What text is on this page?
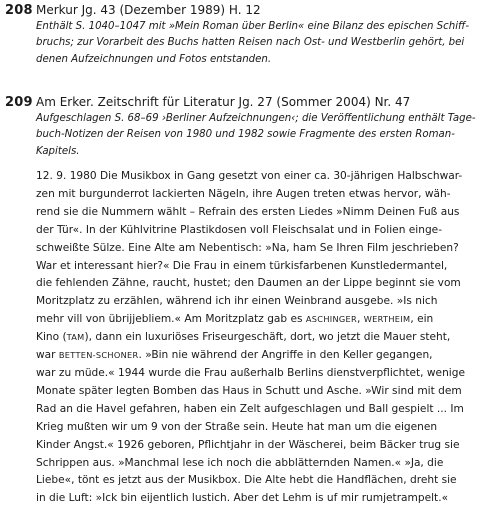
208 Merkur Jg. 43 (Dezember 1989) H. 12
Enthält S. 1040–1047 mit »Mein Roman über Berlin« eine Bilanz des epischen Schiff-
bruchs; zur Vorarbeit des Buchs hatten Reisen nach Ost- und Westberlin gehört, bei
denen Aufzeichnungen und Fotos entstanden.
209 Am Erker. Zeitschrift für Literatur Jg. 27 (Sommer 2004) Nr. 47
Aufgeschlagen S. 68–69 ›Berliner Aufzeichnungen‹; die Veröffentlichung enthält Tage-
buch-Notizen der Reisen von 1980 und 1982 sowie Fragmente des ersten Roman-
Kapitels.
12. 9. 1980 Die Musikbox in Gang gesetzt von einer ca. 30-jährigen Halbschwar-
zen mit burgunderrot lackierten Nägeln, ihre Augen treten etwas hervor, wäh-
rend sie die Nummern wählt – Refrain des ersten Liedes »Nimm Deinen Fuß aus
der Tür«. In der Kühlvitrine Plastikdosen voll Fleischsalat und in Folien einge-
schweißte Sülze. Eine Alte am Nebentisch: »Na, ham Se Ihren Film jeschrieben?
War et interessant hier?« Die Frau in einem türkisfarbenen Kunstledermantel,
die fehlenden Zähne, raucht, hustet; den Daumen an der Lippe beginnt sie vom
Moritzplatz zu erzählen, während ich ihr einen Weinbrand ausgebe. »Is nich
mehr vill von übrijjebliem.« Am Moritzplatz gab es ASCHINGER, WERTHEIM, ein
Kino (TAM), dann ein luxuriöses Friseurgeschäft, dort, wo jetzt die Mauer steht,
war BETTEN-SCHONER. »Bin nie während der Angriffe in den Keller gegangen,
war zu müde.« 1944 wurde die Frau außerhalb Berlins dienstverpflichtet, wenige
Monate später legten Bomben das Haus in Schutt und Asche. »Wir sind mit dem
Rad an die Havel gefahren, haben ein Zelt aufgeschlagen und Ball gespielt ... Im
Krieg mußten wir um 9 von der Straße sein. Heute hat man um die eigenen
Kinder Angst.« 1926 geboren, Pflichtjahr in der Wäscherei, beim Bäcker trug sie
Schrippen aus. »Manchmal lese ich noch die abblätternden Namen.« »Ja, die
Liebe«, tönt es jetzt aus der Musikbox. Die Alte hebt die Handflächen, dreht sie
in die Luft: »Ick bin eijentlich lustich. Aber det Lehm is uf mir rumjetrampelt.«
